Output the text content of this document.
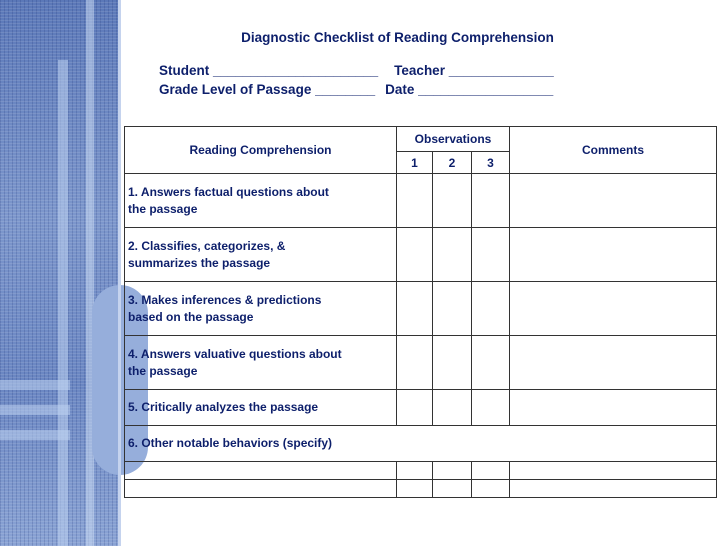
Diagnostic Checklist of Reading Comprehension
Student ______________________ Teacher ______________
Grade Level of Passage ________ Date __________________
Reading Comprehension	Observations			Comments
	1	2	3	
1. Answers factual questions about
the passage				
2. Classifies, categorizes, &
summarizes the passage				
3. Makes inferences & predictions
based on the passage				
4. Answers valuative questions about
the passage				
5. Critically analyzes the passage				
6. Other notable behaviors (specify)				
